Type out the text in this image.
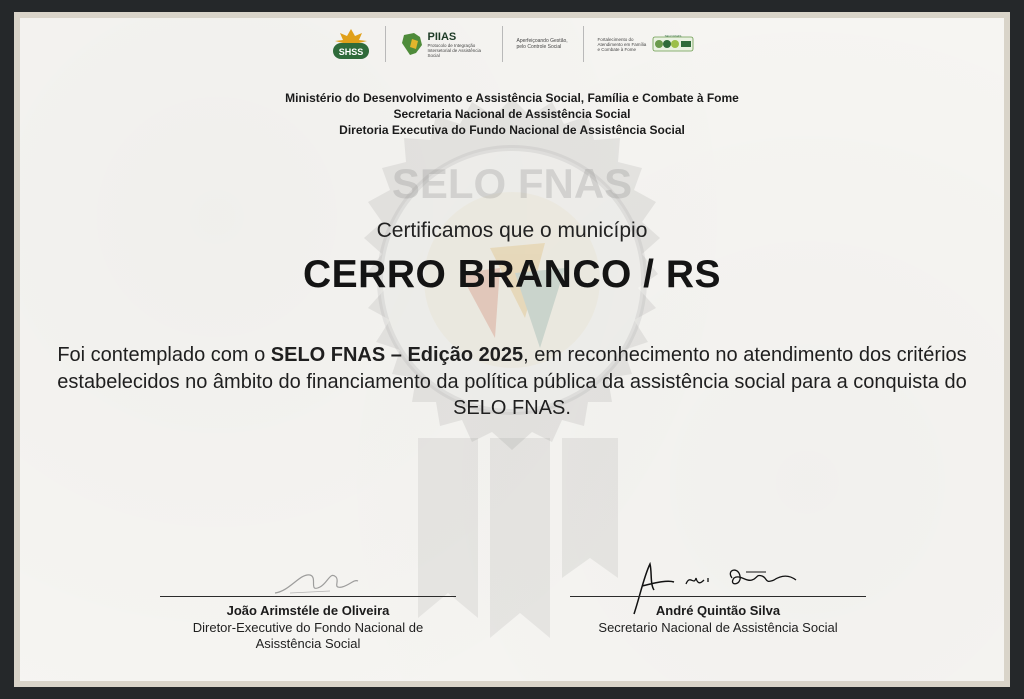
SELO FNAS
SHSS
PIIAS
Protocolo de Integração Intersetorial de Assistência Social
Aperfeiçoando Gestão, pelo Controle Social
Fortalecimento do Atendimento em Família e Combate à Fome
SELO FNAS
Ministério do Desenvolvimento e Assistência Social, Família e Combate à Fome
Secretaria Nacional de Assistência Social
Diretoria Executiva do Fundo Nacional de Assistência Social
Certificamos que o município
CERRO BRANCO / RS
Foi contemplado com o SELO FNAS – Edição 2025, em reconhecimento no atendimento dos critérios estabelecidos no âmbito do financiamento da política pública da assistência social para a conquista do SELO FNAS.
João Arimstéle de Oliveira
Diretor-Executive do Fondo Nacional de
Asisstência Social
André Quintão Silva
Secretario Nacional de Assistência Social
